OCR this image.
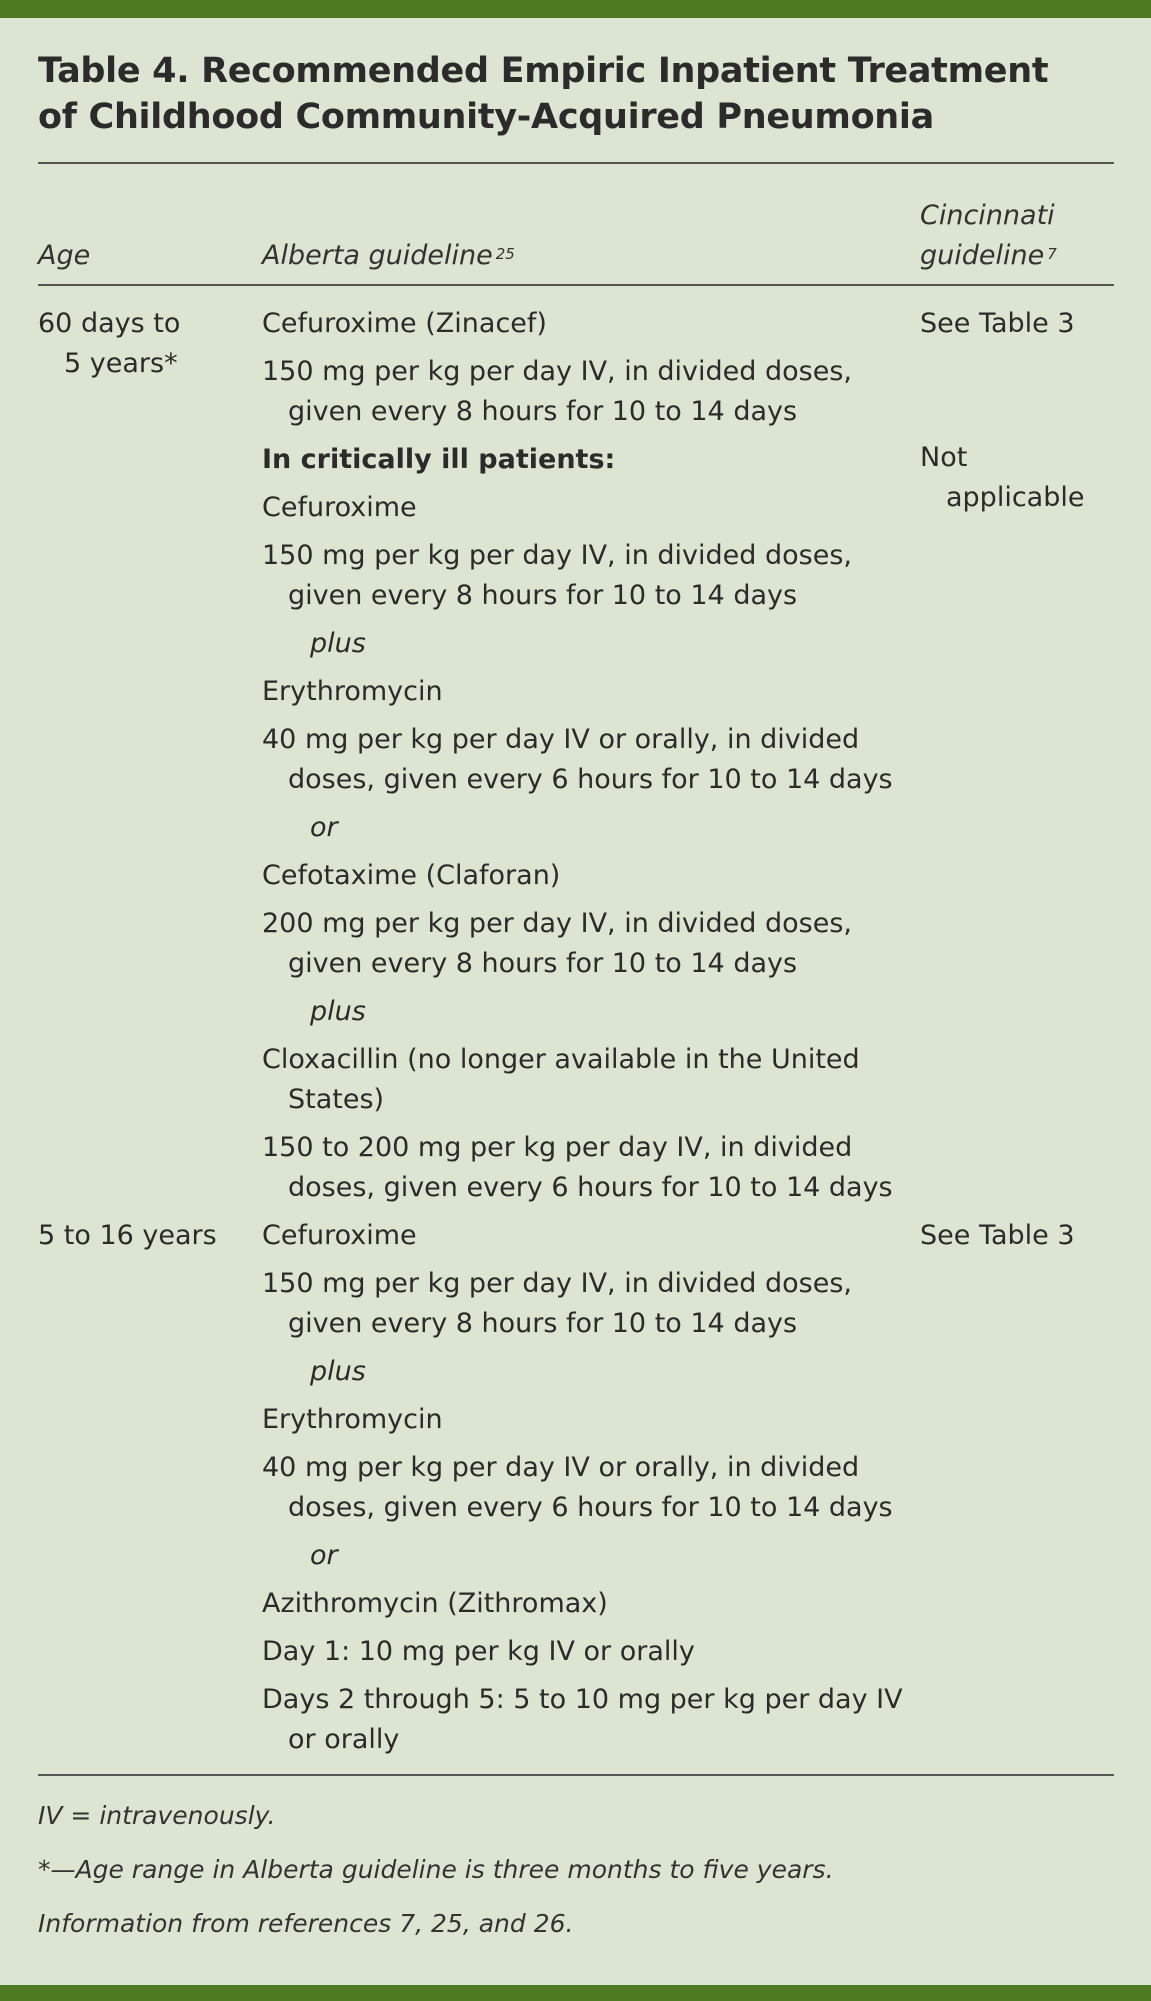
Table 4. Recommended Empiric Inpatient Treatment
of Childhood Community-Acquired Pneumonia
Age	Alberta guideline $^{25}$
Cincinnati
guideline $^7$
60 days to
5 years*
See Table 3
Not
applicable
Cefuroxime (Zinacef)
150 mg per kg per day IV, in divided doses, given every 8 hours for 10 to 14 days
In critically ill patients:
Cefuroxime
150 mg per kg per day IV, in divided doses, given every 8 hours for 10 to 14 days
plus
Erythromycin
40 mg per kg per day IV or orally, in divided doses, given every 6 hours for 10 to 14 days
or
Cefotaxime (Claforan)
200 mg per kg per day IV, in divided doses, given every 8 hours for 10 to 14 days
plus
Cloxacillin (no longer available in the United States)
150 to 200 mg per kg per day IV, in divided doses, given every 6 hours for 10 to 14 days
5 to 16 years	See Table 3
Cefuroxime
150 mg per kg per day IV, in divided doses, given every 8 hours for 10 to 14 days
plus
Erythromycin
40 mg per kg per day IV or orally, in divided doses, given every 6 hours for 10 to 14 days
or
Azithromycin (Zithromax)
Day 1: 10 mg per kg IV or orally
Days 2 through 5: 5 to 10 mg per kg per day IV or orally
IV = intravenously.
*—Age range in Alberta guideline is three months to five years.
Information from references 7, 25, and 26.
